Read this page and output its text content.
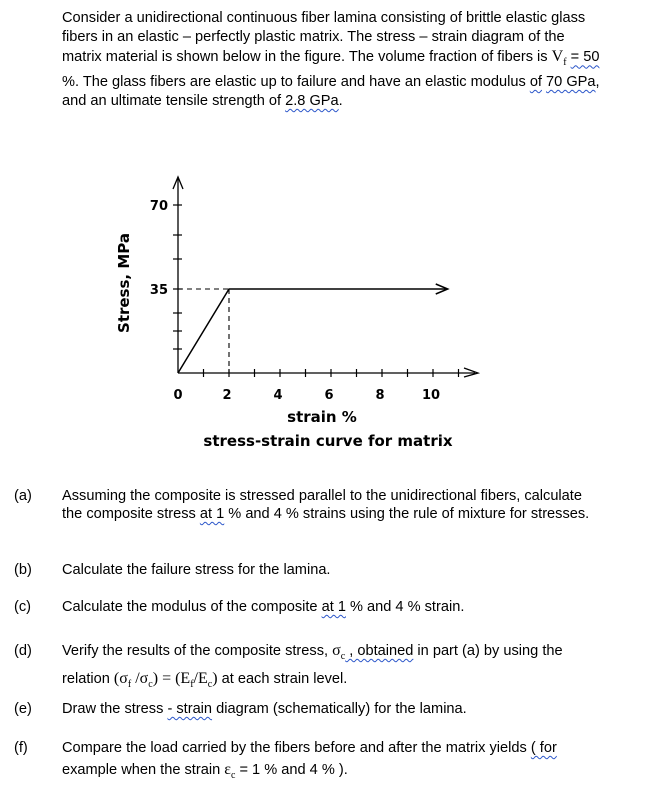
Consider a unidirectional continuous fiber lamina consisting of brittle elastic glass fibers in an elastic – perfectly plastic matrix. The stress – strain diagram of the matrix material is shown below in the figure. The volume fraction of fibers is $V_f = 50$ %. The glass fibers are elastic up to failure and have an elastic modulus of 70 GPa, and an ultimate tensile strength of 2.8 GPa.

35
70
0	2	4	6	8	10
Stress, MPa
strain %
stress-strain curve for matrix
(a) Assuming the composite is stressed parallel to the unidirectional fibers, calculate the composite stress at 1 % and 4 % strains using the rule of mixture for stresses.
(b) Calculate the failure stress for the lamina.
(c) Calculate the modulus of the composite at 1 % and 4 % strain.
(d) Verify the results of the composite stress, $\sigma_c$ , obtained in part (a) by using the relation ($\sigma_f$ $/\sigma_c) = (E_f/E_c)$ at each strain level.
(e) Draw the stress - strain diagram (schematically) for the lamina.
(f) Compare the load carried by the fibers before and after the matrix yields ( for example when the strain $\varepsilon_c = 1$ % and 4 % ).
